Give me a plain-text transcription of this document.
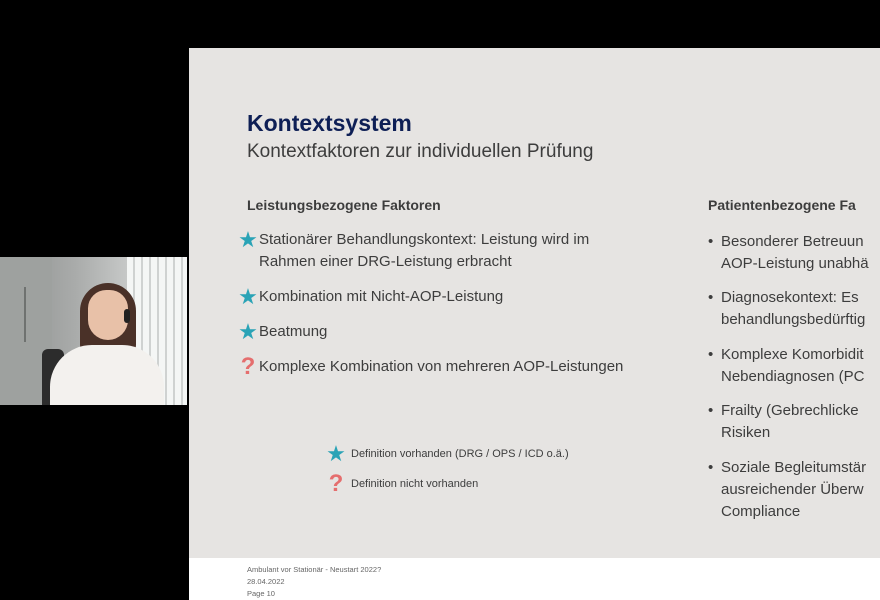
Kontextsystem
Kontextfaktoren zur individuellen Prüfung
Leistungsbezogene Faktoren
★ Stationärer Behandlungskontext: Leistung wird im
Rahmen einer DRG-Leistung erbracht
★ Kombination mit Nicht-AOP-Leistung
★ Beatmung
? Komplexe Kombination von mehreren AOP-Leistungen
Patientenbezogene Fa
• Besonderer Betreuun
AOP-Leistung unabhä
• Diagnosekontext: Es
behandlungsbedürftig
• Komplexe Komorbidit
Nebendiagnosen (PC
• Frailty (Gebrechlicke
Risiken
• Soziale Begleitumstär
ausreichender Überw
Compliance
★ Definition vorhanden (DRG / OPS / ICD o.ä.)
? Definition nicht vorhanden
Ambulant vor Stationär - Neustart 2022?
28.04.2022
Page 10
